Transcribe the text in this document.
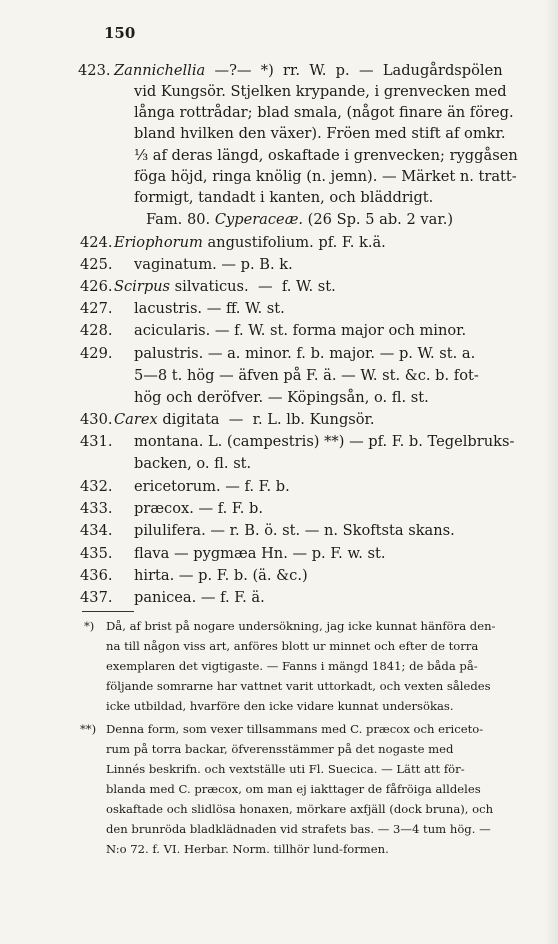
150
423. Zannichellia  —?—  *)  rr.  W.  p.  —  Ladugårdspölen
vid Kungsör. Stjelken krypande, i grenvecken med
långa rottrådar; blad smala, (något finare än föreg.
bland hvilken den växer). Fröen med stift af omkr.
⅓ af deras längd, oskaftade i grenvecken; ryggåsen
föga höjd, ringa knölig (n. jemn). — Märket n. tratt-
formigt, tandadt i kanten, och bläddrigt.
Fam. 80. Cyperaceæ. (26 Sp. 5 ab. 2 var.)
424. Eriophorum angustifolium. pf. F. k.ä.
425. vaginatum. — p. B. k.
426. Scirpus silvaticus.  —  f. W. st.
427. lacustris. — ff. W. st.
428. acicularis. — f. W. st. forma major och minor.
429. palustris. — a. minor. f. b. major. — p. W. st. a.
5—8 t. hög — äfven på F. ä. — W. st. &c. b. fot-
hög och deröfver. — Köpingsån, o. fl. st.
430. Carex digitata  —  r. L. lb. Kungsör.
431. montana. L. (campestris) **) — pf. F. b. Tegelbruks-
backen, o. fl. st.
432. ericetorum. — f. F. b.
433. præcox. — f. F. b.
434. pilulifera. — r. B. ö. st. — n. Skoftsta skans.
435. flava — pygmæa Hn. — p. F. w. st.
436. hirta. — p. F. b. (ä. &c.)
437. panicea. — f. F. ä.
*) Då, af brist på nogare undersökning, jag icke kunnat hänföra den-
na till någon viss art, anföres blott ur minnet och efter de torra
exemplaren det vigtigaste. — Fanns i mängd 1841; de båda på-
följande somrarne har vattnet varit uttorkadt, och vexten således
icke utbildad, hvarföre den icke vidare kunnat undersökas.
**) Denna form, som vexer tillsammans med C. præcox och ericeto-
rum på torra backar, öfverensstämmer på det nogaste med
Linnés beskrifn. och vextställe uti Fl. Suecica. — Lätt att för-
blanda med C. præcox, om man ej iakttager de fåfröiga alldeles
oskaftade och slidlösa honaxen, mörkare axfjäll (dock bruna), och
den brunröda bladklädnaden vid strafets bas. — 3—4 tum hög. —
N:o 72. f. VI. Herbar. Norm. tillhör lund-formen.
